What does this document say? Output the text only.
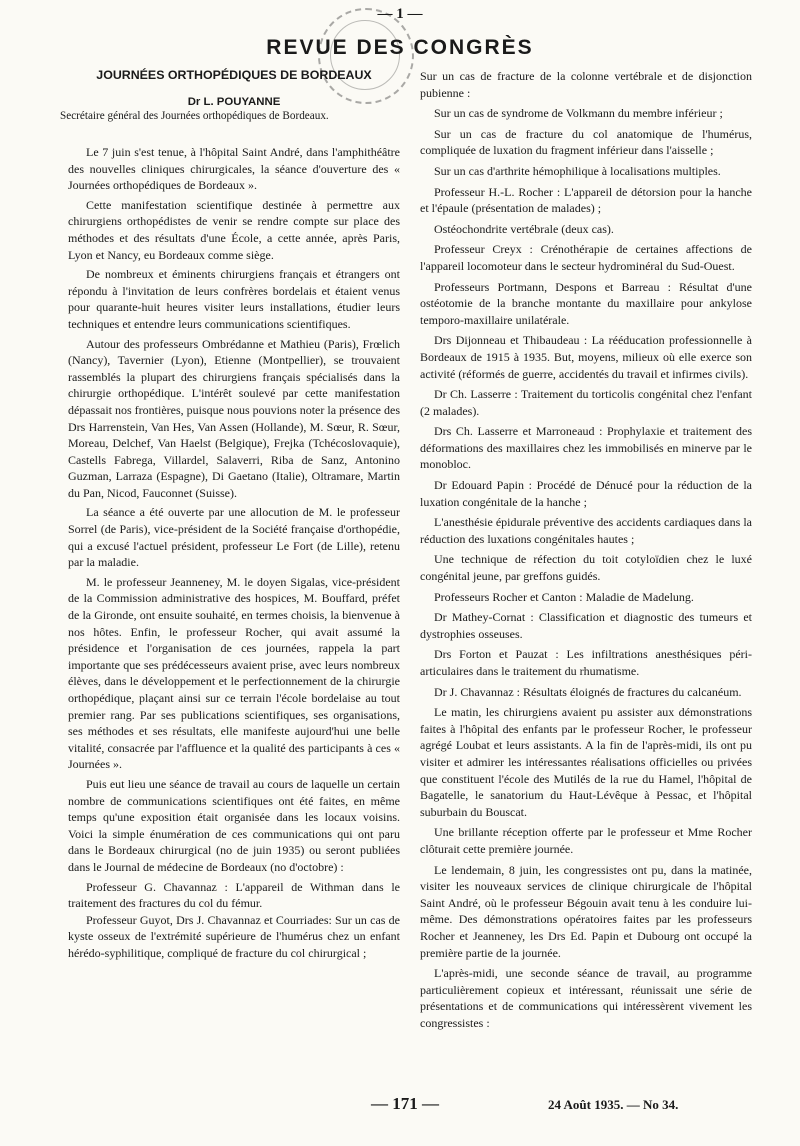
— 1 —
REVUE DES CONGRÈS
JOURNÉES ORTHOPÉDIQUES DE BORDEAUX
Dr L. POUYANNE
Secrétaire général des Journées orthopédiques de Bordeaux.

Le 7 juin s'est tenue, à l'hôpital Saint André, dans l'amphithéâtre des nouvelles cliniques chirurgicales, la séance d'ouverture des « Journées orthopédiques de Bordeaux ».

Cette manifestation scientifique destinée à permettre aux chirurgiens orthopédistes de venir se rendre compte sur place des méthodes et des résultats d'une École, a cette année, après Paris, Lyon et Nancy, eu Bordeaux comme siège.

De nombreux et éminents chirurgiens français et étrangers ont répondu à l'invitation de leurs confrères bordelais et étaient venus pour quarante-huit heures visiter leurs installations, étudier leurs techniques et entendre leurs communications scientifiques.

Autour des professeurs Ombrédanne et Mathieu (Paris), Frœlich (Nancy), Tavernier (Lyon), Etienne (Montpellier), se trouvaient rassemblés la plupart des chirurgiens français spécialisés dans la chirurgie orthopédique. L'intérêt soulevé par cette manifestation dépassait nos frontières, puisque nous pouvions noter la présence des Drs Harrenstein, Van Hes, Van Assen (Hollande), M. Sœur, R. Sœur, Moreau, Delchef, Van Haelst (Belgique), Frejka (Tchécoslovaquie), Castells Fabrega, Villardel, Salaverri, Riba de Sanz, Antonino Guzman, Larraza (Espagne), Di Gaetano (Italie), Oltramare, Martin du Pan, Nicod, Fauconnet (Suisse).

La séance a été ouverte par une allocution de M. le professeur Sorrel (de Paris), vice-président de la Société française d'orthopédie, qui a excusé l'actuel président, professeur Le Fort (de Lille), retenu par la maladie.

M. le professeur Jeanneney, M. le doyen Sigalas, vice-président de la Commission administrative des hospices, M. Bouffard, préfet de la Gironde, ont ensuite souhaité, en termes choisis, la bienvenue à nos hôtes. Enfin, le professeur Rocher, qui avait assumé la présidence et l'organisation de ces journées, rappela la part importante que ses prédécesseurs avaient prise, avec leurs nombreux élèves, dans le développement et le perfectionnement de la chirurgie orthopédique, plaçant ainsi sur ce terrain l'école bordelaise au tout premier rang. Par ses publications scientifiques, ses organisations, ses méthodes et ses résultats, elle manifeste aujourd'hui une belle vitalité, consacrée par l'affluence et la qualité des participants à ces « Journées ».

Puis eut lieu une séance de travail au cours de laquelle un certain nombre de communications scientifiques ont été faites, en même temps qu'une exposition était organisée dans les locaux voisins. Voici la simple énumération de ces communications qui ont paru dans le Bordeaux chirurgical (no de juin 1935) ou seront publiées dans le Journal de médecine de Bordeaux (no d'octobre) :

Professeur G. Chavannaz : L'appareil de Withman dans le traitement des fractures du col du fémur.

Professeur Guyot, Drs J. Chavannaz et Courriades: Sur un cas de kyste osseux de l'extrémité supérieure de l'humérus chez un enfant hérédo-syphilitique, compliqué de fracture du col chirurgical ;

Sur un cas de fracture de la colonne vertébrale et de disjonction pubienne :

Sur un cas de syndrome de Volkmann du membre inférieur ;

Sur un cas de fracture du col anatomique de l'humérus, compliquée de luxation du fragment inférieur dans l'aisselle ;

Sur un cas d'arthrite hémophilique à localisations multiples.

Professeur H.-L. Rocher : L'appareil de détorsion pour la hanche et l'épaule (présentation de malades) ;

Ostéochondrite vertébrale (deux cas).

Professeur Creyx : Crénothérapie de certaines affections de l'appareil locomoteur dans le secteur hydrominéral du Sud-Ouest.

Professeurs Portmann, Despons et Barreau : Résultat d'une ostéotomie de la branche montante du maxillaire pour ankylose temporo-maxillaire unilatérale.

Drs Dijonneau et Thibaudeau : La rééducation professionnelle à Bordeaux de 1915 à 1935. But, moyens, milieux où elle exerce son activité (réformés de guerre, accidentés du travail et infirmes civils).

Dr Ch. Lasserre : Traitement du torticolis congénital chez l'enfant (2 malades).

Drs Ch. Lasserre et Marroneaud : Prophylaxie et traitement des déformations des maxillaires chez les immobilisés en minerve par le monobloc.

Dr Edouard Papin : Procédé de Dénucé pour la réduction de la luxation congénitale de la hanche ;

L'anesthésie épidurale préventive des accidents cardiaques dans la réduction des luxations congénitales hautes ;

Une technique de réfection du toit cotyloïdien chez le luxé congénital jeune, par greffons guidés.

Professeurs Rocher et Canton : Maladie de Madelung.

Dr Mathey-Cornat : Classification et diagnostic des tumeurs et dystrophies osseuses.

Drs Forton et Pauzat : Les infiltrations anesthésiques péri-articulaires dans le traitement du rhumatisme.

Dr J. Chavannaz : Résultats éloignés de fractures du calcanéum.

Le matin, les chirurgiens avaient pu assister aux démonstrations faites à l'hôpital des enfants par le professeur Rocher, le professeur agrégé Loubat et leurs assistants. A la fin de l'après-midi, ils ont pu visiter et admirer les intéressantes réalisations officielles ou privées que constituent l'école des Mutilés de la rue du Hamel, l'hôpital de Bagatelle, le sanatorium du Haut-Lévêque à Pessac, et l'hôpital suburbain du Bouscat.

Une brillante réception offerte par le professeur et Mme Rocher clôturait cette première journée.

Le lendemain, 8 juin, les congressistes ont pu, dans la matinée, visiter les nouveaux services de clinique chirurgicale de l'hôpital Saint André, où le professeur Bégouin avait tenu à les conduire lui-même. Des démonstrations opératoires faites par les professeurs Rocher et Jeanneney, les Drs Ed. Papin et Dubourg ont occupé la première partie de la journée.

L'après-midi, une seconde séance de travail, au programme particulièrement copieux et intéressant, réunissait une série de présentations et de communications qui intéressèrent vivement les congressistes :

— 171 —	24 Août 1935. — No 34.
